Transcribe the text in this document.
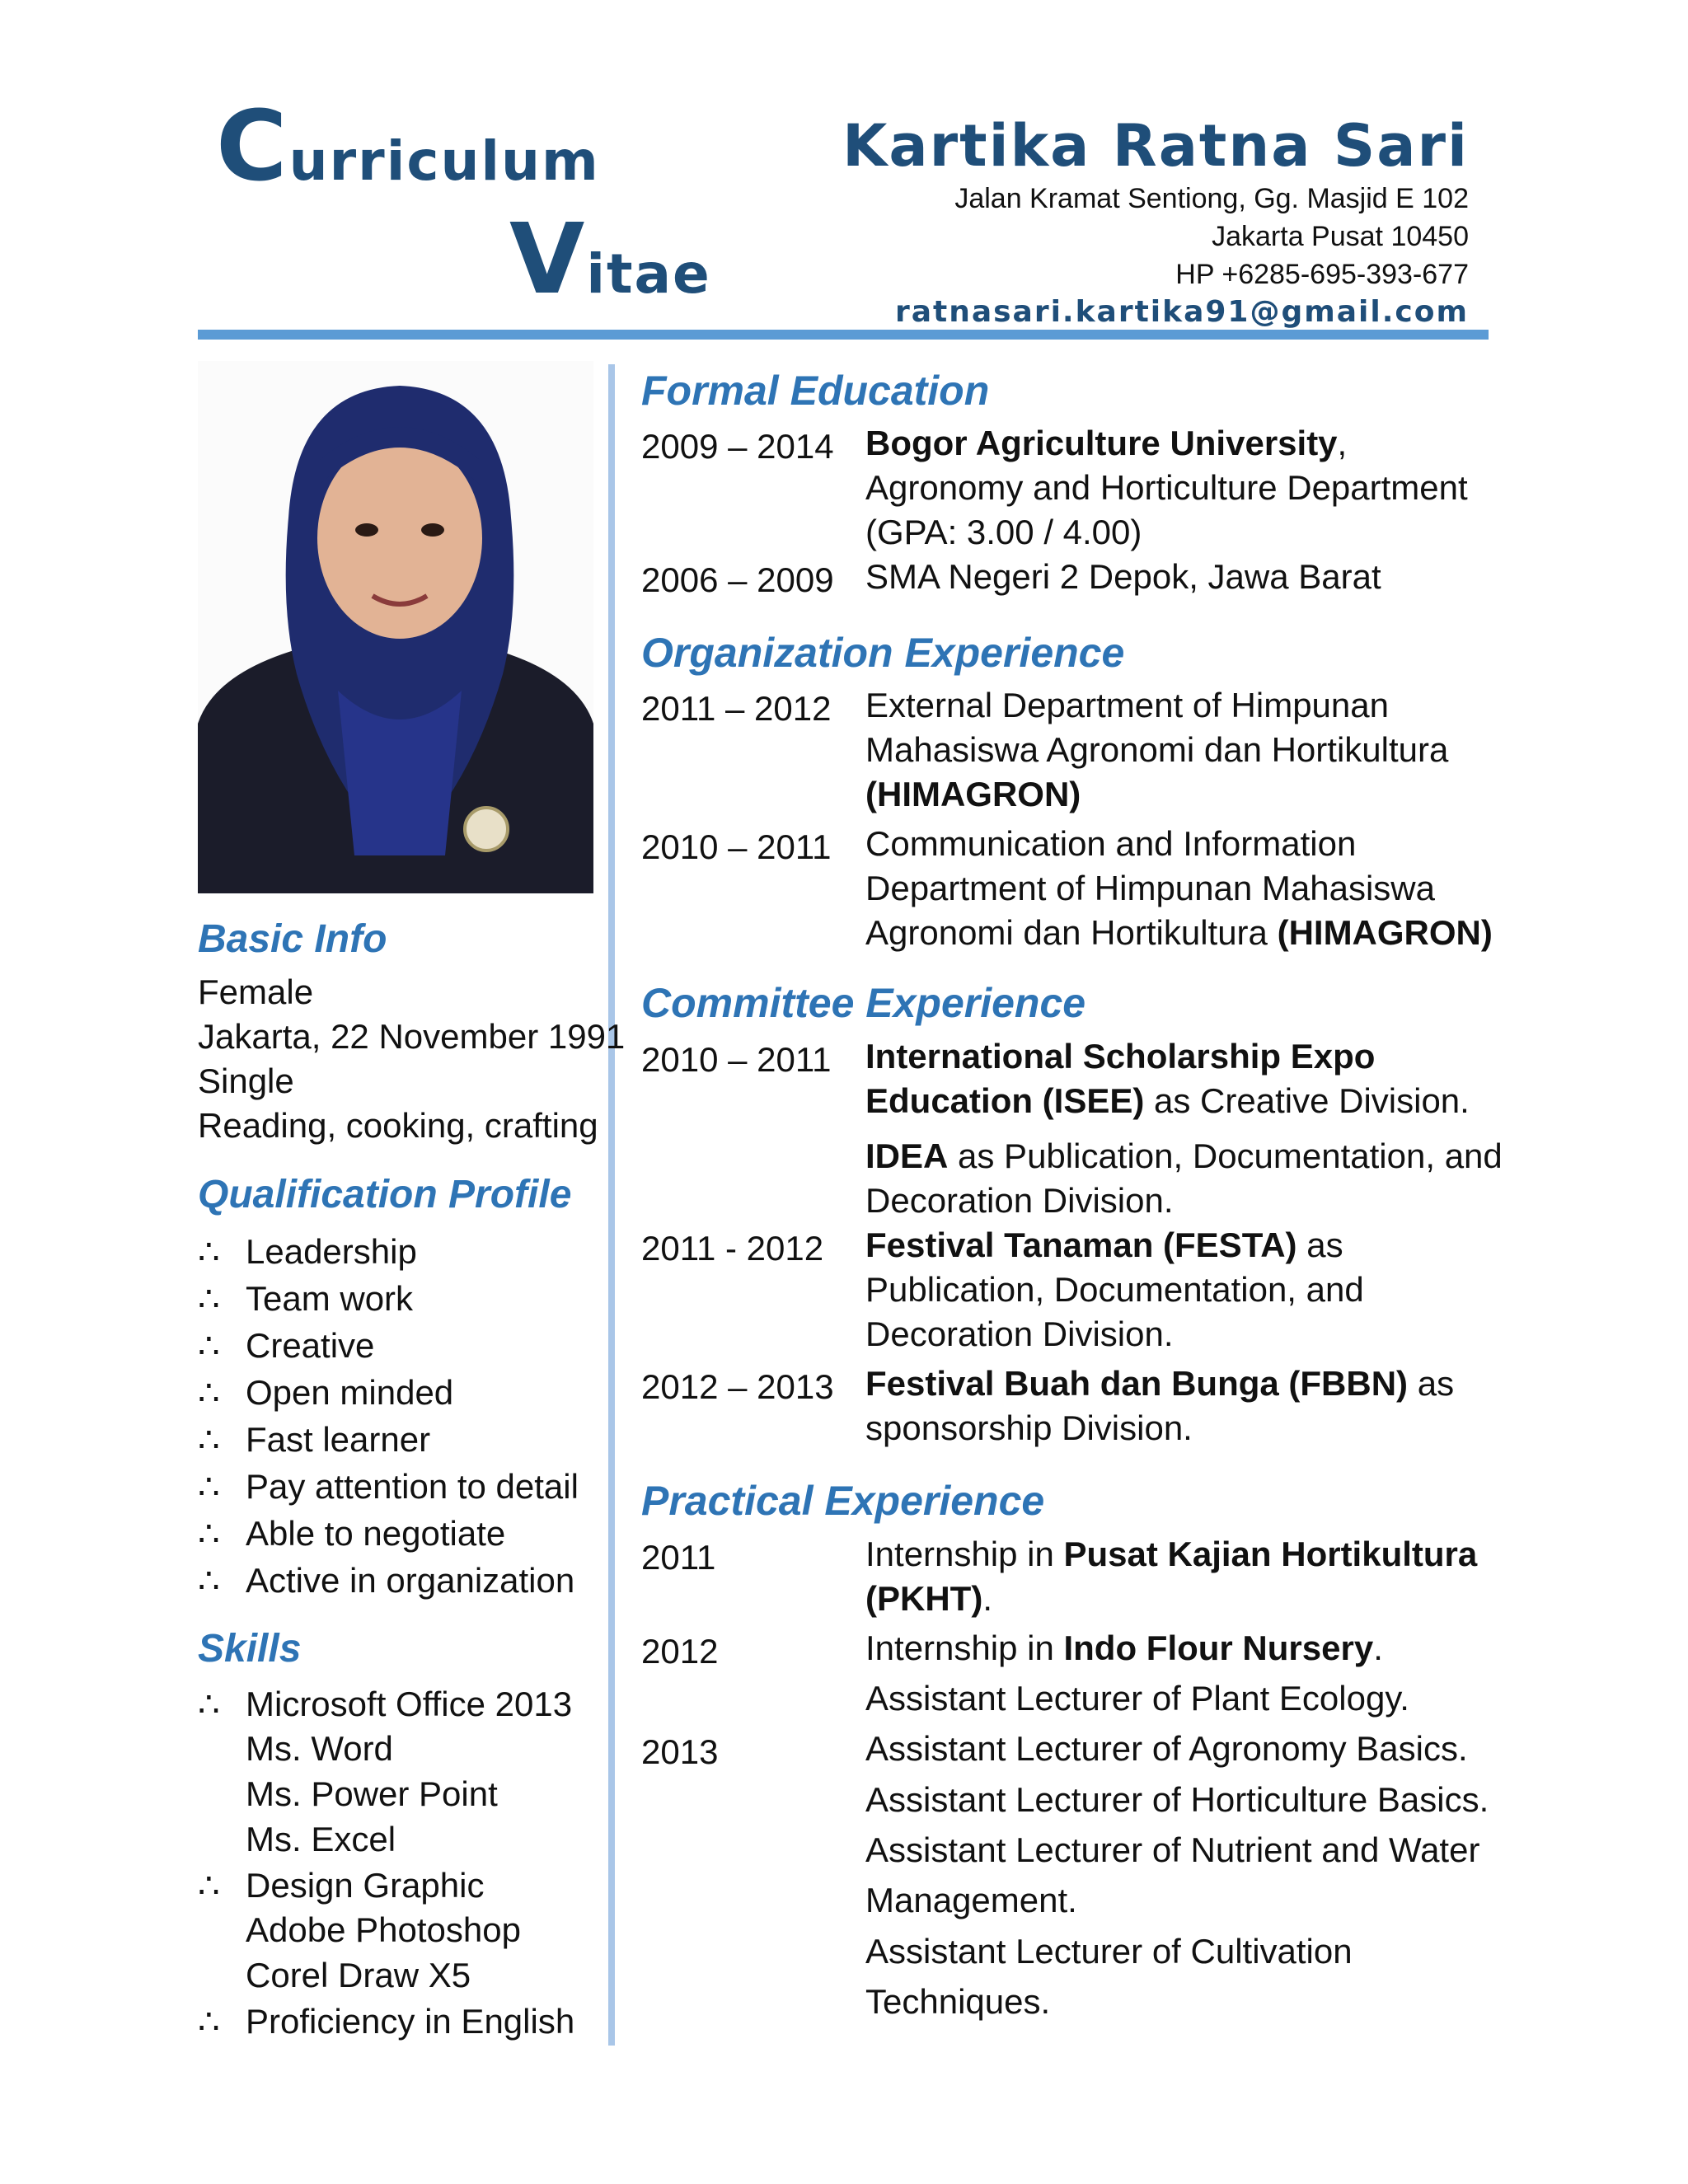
Curriculum
Vitae
Kartika Ratna Sari
Jalan Kramat Sentiong, Gg. Masjid E 102
Jakarta Pusat 10450
HP +6285-695-393-677
ratnasari.kartika91@gmail.com
Basic Info
Female
Jakarta, 22 November 1991
Single
Reading, cooking, crafting
Qualification Profile
∴ Leadership
∴ Team work
∴ Creative
∴ Open minded
∴ Fast learner
∴ Pay attention to detail
∴ Able to negotiate
∴ Active in organization
Skills
∴ Microsoft Office 2013
Ms. Word
Ms. Power Point
Ms. Excel
∴ Design Graphic
Adobe Photoshop
Corel Draw X5
∴ Proficiency in English
Formal Education
2009 – 2014 Bogor Agriculture University,
Agronomy and Horticulture Department
(GPA: 3.00 / 4.00)
2006 – 2009 SMA Negeri 2 Depok, Jawa Barat
Organization Experience
2011 – 2012 External Department of Himpunan
Mahasiswa Agronomi dan Hortikultura
(HIMAGRON)
2010 – 2011 Communication and Information
Department of Himpunan Mahasiswa
Agronomi dan Hortikultura (HIMAGRON)
Committee Experience
2010 – 2011 International Scholarship Expo
Education (ISEE) as Creative Division.
IDEA as Publication, Documentation, and
Decoration Division.
2011 - 2012 Festival Tanaman (FESTA) as
Publication, Documentation, and
Decoration Division.
2012 – 2013 Festival Buah dan Bunga (FBBN) as
sponsorship Division.
Practical Experience
2011	Internship in Pusat Kajian Hortikultura
(PKHT).
2012	Internship in Indo Flour Nursery.
Assistant Lecturer of Plant Ecology.
2013	Assistant Lecturer of Agronomy Basics.
Assistant Lecturer of Horticulture Basics.
Assistant Lecturer of Nutrient and Water
Management.
Assistant Lecturer of Cultivation
Techniques.
